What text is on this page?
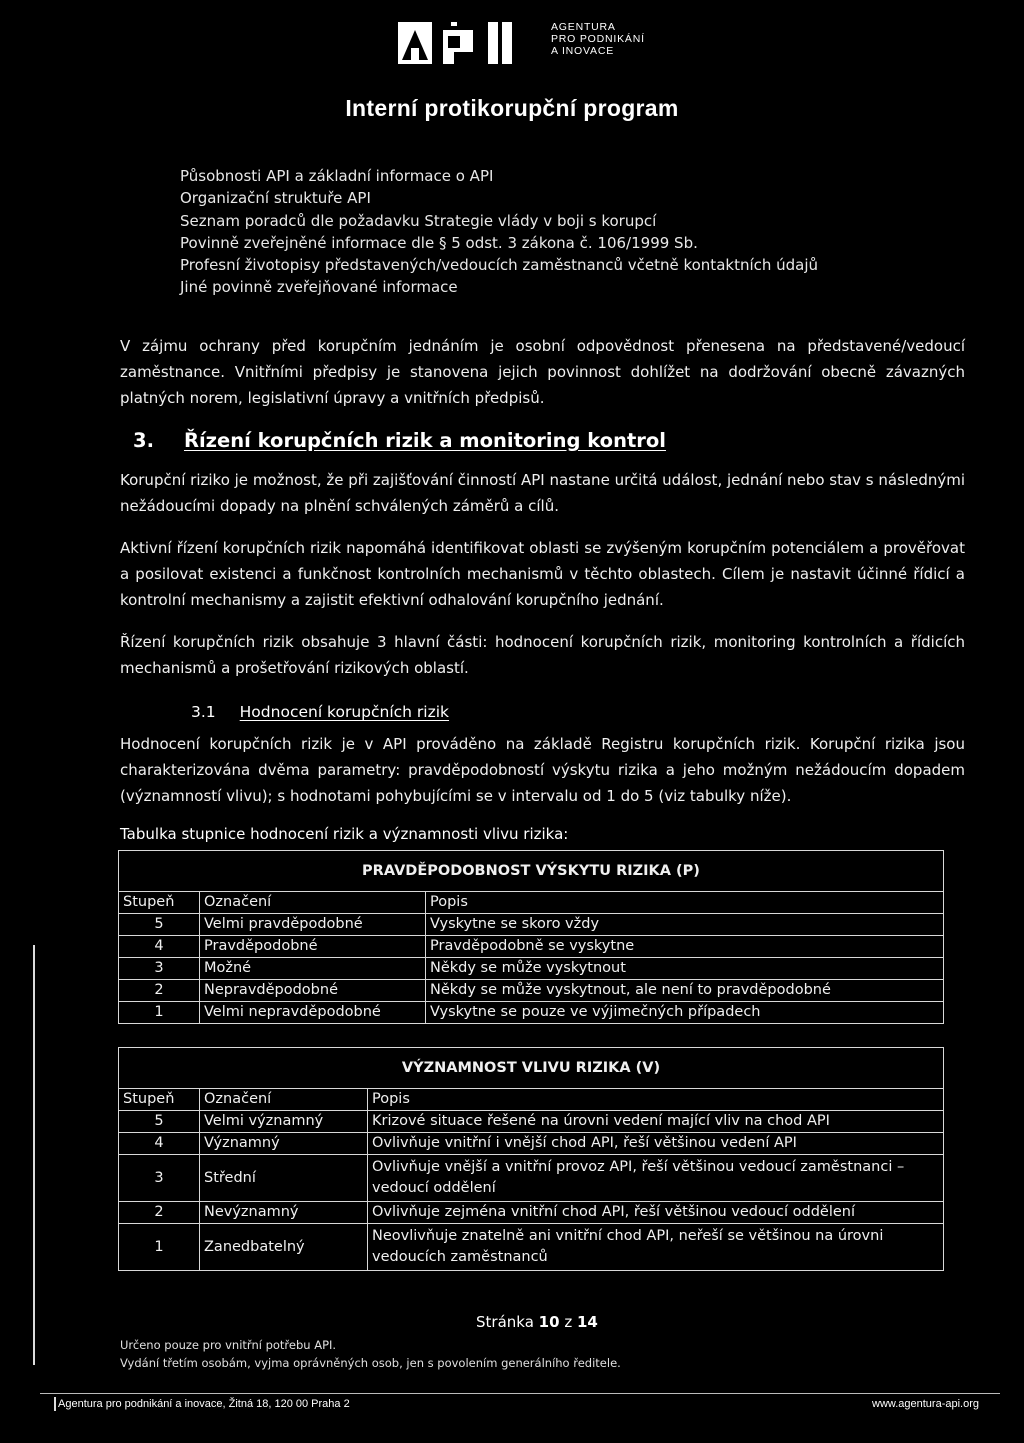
AGENTURA
PRO PODNIKÁNÍ
A INOVACE
Interní protikorupční program
Působnosti API a základní informace o API
Organizační struktuře API
Seznam poradců dle požadavku Strategie vlády v boji s korupcí
Povinně zveřejněné informace dle § 5 odst. 3 zákona č. 106/1999 Sb.
Profesní životopisy představených/vedoucích zaměstnanců včetně kontaktních údajů
Jiné povinně zveřejňované informace
V zájmu ochrany před korupčním jednáním je osobní odpovědnost přenesena na představené/vedoucí zaměstnance. Vnitřními předpisy je stanovena jejich povinnost dohlížet na dodržování obecně závazných platných norem, legislativní úpravy a vnitřních předpisů.
3. Řízení korupčních rizik a monitoring kontrol
Korupční riziko je možnost, že při zajišťování činností API nastane určitá událost, jednání nebo stav s následnými nežádoucími dopady na plnění schválených záměrů a cílů.
Aktivní řízení korupčních rizik napomáhá identifikovat oblasti se zvýšeným korupčním potenciálem a prověřovat a posilovat existenci a funkčnost kontrolních mechanismů v těchto oblastech. Cílem je nastavit účinné řídicí a kontrolní mechanismy a zajistit efektivní odhalování korupčního jednání.
Řízení korupčních rizik obsahuje 3 hlavní části: hodnocení korupčních rizik, monitoring kontrolních a řídicích mechanismů a prošetřování rizikových oblastí.
3.1 Hodnocení korupčních rizik
Hodnocení korupčních rizik je v API prováděno na základě Registru korupčních rizik. Korupční rizika jsou charakterizována dvěma parametry: pravděpodobností výskytu rizika a jeho možným nežádoucím dopadem (významností vlivu); s hodnotami pohybujícími se v intervalu od 1 do 5 (viz tabulky níže).
Tabulka stupnice hodnocení rizik a významnosti vlivu rizika:
PRAVDĚPODOBNOST VÝSKYTU RIZIKA (P)		
Stupeň	Označení	Popis
5	Velmi pravděpodobné	Vyskytne se skoro vždy
4	Pravděpodobné	Pravděpodobně se vyskytne
3	Možné	Někdy se může vyskytnout
2	Nepravděpodobné	Někdy se může vyskytnout, ale není to pravděpodobné
1	Velmi nepravděpodobné	Vyskytne se pouze ve výjimečných případech
VÝZNAMNOST VLIVU RIZIKA (V)		
Stupeň	Označení	Popis
5	Velmi významný	Krizové situace řešené na úrovni vedení mající vliv na chod API
4	Významný	Ovlivňuje vnitřní i vnější chod API, řeší většinou vedení API
3	Střední	Ovlivňuje vnější a vnitřní provoz API, řeší většinou vedoucí zaměstnanci – vedoucí oddělení
2	Nevýznamný	Ovlivňuje zejména vnitřní chod API, řeší většinou vedoucí oddělení
1	Zanedbatelný	Neovlivňuje znatelně ani vnitřní chod API, neřeší se většinou na úrovni vedoucích zaměstnanců
Stránka 10 z 14
Určeno pouze pro vnitřní potřebu API.
Vydání třetím osobám, vyjma oprávněných osob, jen s povolením generálního ředitele.
Agentura pro podnikání a inovace, Žitná 18, 120 00 Praha 2	www.agentura-api.org
